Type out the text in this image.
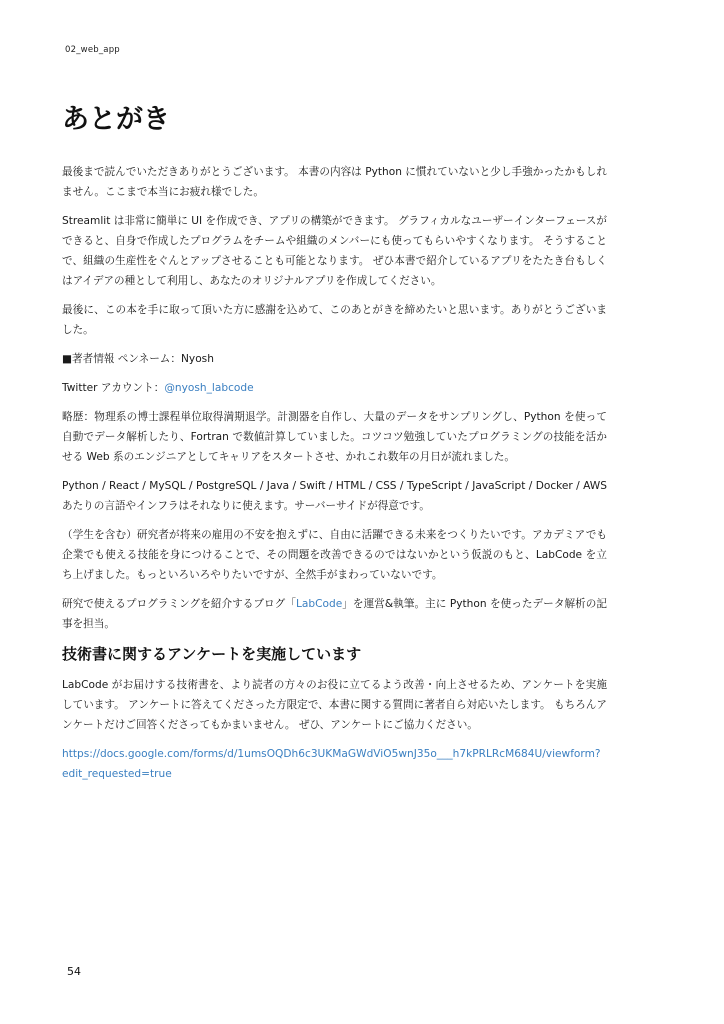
02_web_app
あとがき

最後まで読んでいただきありがとうございます。 本書の内容は Python に慣れていないと少し手強かったかもしれません。ここまで本当にお疲れ様でした。

Streamlit は非常に簡単に UI を作成でき、アプリの構築ができます。 グラフィカルなユーザーインターフェースができると、自身で作成したプログラムをチームや組織のメンバーにも使ってもらいやすくなります。 そうすることで、組織の生産性をぐんとアップさせることも可能となります。 ぜひ本書で紹介しているアプリをたたき台もしくはアイデアの種として利用し、あなたのオリジナルアプリを作成してください。

最後に、この本を手に取って頂いた方に感謝を込めて、このあとがきを締めたいと思います。ありがとうございました。

■著者情報 ペンネーム：Nyosh

Twitter アカウント：@nyosh_labcode

略歴：物理系の博士課程単位取得満期退学。計測器を自作し、大量のデータをサンプリングし、Python を使って自動でデータ解析したり、Fortran で数値計算していました。コツコツ勉強していたプログラミングの技能を活かせる Web 系のエンジニアとしてキャリアをスタートさせ、かれこれ数年の月日が流れました。

Python / React / MySQL / PostgreSQL / Java / Swift / HTML / CSS / TypeScript / JavaScript / Docker / AWS あたりの言語やインフラはそれなりに使えます。サーバーサイドが得意です。

（学生を含む）研究者が将来の雇用の不安を抱えずに、自由に活躍できる未来をつくりたいです。アカデミアでも企業でも使える技能を身につけることで、その問題を改善できるのではないかという仮説のもと、LabCode を立ち上げました。もっといろいろやりたいですが、全然手がまわっていないです。

研究で使えるプログラミングを紹介するブログ「LabCode」を運営&執筆。主に Python を使ったデータ解析の記事を担当。

技術書に関するアンケートを実施しています

LabCode がお届けする技術書を、より読者の方々のお役に立てるよう改善・向上させるため、アンケートを実施しています。 アンケートに答えてくださった方限定で、本書に関する質問に著者自ら対応いたします。 もちろんアンケートだけご回答くださってもかまいません。 ぜひ、アンケートにご協力ください。

https://docs.google.com/forms/d/1umsOQDh6c3UKMaGWdViO5wnJ35o___h7kPRLRcM684U/viewform?edit_requested=true

54
